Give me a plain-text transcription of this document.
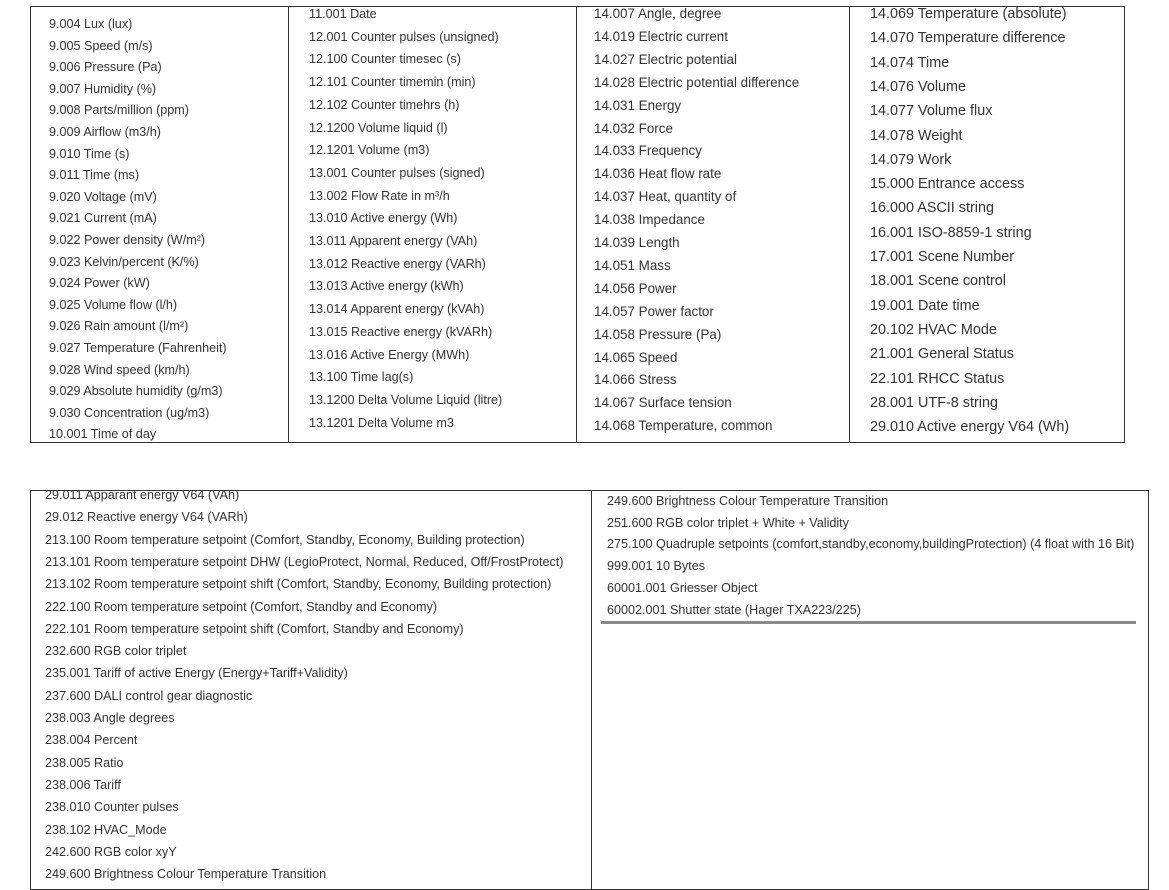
9.004 Lux (lux)
9.005 Speed (m/s)
9.006 Pressure (Pa)
9.007 Humidity (%)
9.008 Parts/million (ppm)
9.009 Airflow (m3/h)
9.010 Time (s)
9.011 Time (ms)
9.020 Voltage (mV)
9.021 Current (mA)
9.022 Power density (W/m²)
9.023 Kelvin/percent (K/%)
9.024 Power (kW)
9.025 Volume flow (l/h)
9.026 Rain amount (l/m²)
9.027 Temperature (Fahrenheit)
9.028 Wind speed (km/h)
9.029 Absolute humidity (g/m3)
9.030 Concentration (ug/m3)
10.001 Time of day
11.001 Date
12.001 Counter pulses (unsigned)
12.100 Counter timesec (s)
12.101 Counter timemin (min)
12.102 Counter timehrs (h)
12.1200 Volume liquid (l)
12.1201 Volume (m3)
13.001 Counter pulses (signed)
13.002 Flow Rate in m³/h
13.010 Active energy (Wh)
13.011 Apparent energy (VAh)
13.012 Reactive energy (VARh)
13.013 Active energy (kWh)
13.014 Apparent energy (kVAh)
13.015 Reactive energy (kVARh)
13.016 Active Energy (MWh)
13.100 Time lag(s)
13.1200 Delta Volume Liquid (litre)
13.1201 Delta Volume m3
14.007 Angle, degree
14.019 Electric current
14.027 Electric potential
14.028 Electric potential difference
14.031 Energy
14.032 Force
14.033 Frequency
14.036 Heat flow rate
14.037 Heat, quantity of
14.038 Impedance
14.039 Length
14.051 Mass
14.056 Power
14.057 Power factor
14.058 Pressure (Pa)
14.065 Speed
14.066 Stress
14.067 Surface tension
14.068 Temperature, common
14.069 Temperature (absolute)
14.070 Temperature difference
14.074 Time
14.076 Volume
14.077 Volume flux
14.078 Weight
14.079 Work
15.000 Entrance access
16.000 ASCII string
16.001 ISO-8859-1 string
17.001 Scene Number
18.001 Scene control
19.001 Date time
20.102 HVAC Mode
21.001 General Status
22.101 RHCC Status
28.001 UTF-8 string
29.010 Active energy V64 (Wh)
29.011 Apparant energy V64 (VAh)
29.012 Reactive energy V64 (VARh)
213.100 Room temperature setpoint (Comfort, Standby, Economy, Building protection)
213.101 Room temperature setpoint DHW (LegioProtect, Normal, Reduced, Off/FrostProtect)
213.102 Room temperature setpoint shift (Comfort, Standby, Economy, Building protection)
222.100 Room temperature setpoint (Comfort, Standby and Economy)
222.101 Room temperature setpoint shift (Comfort, Standby and Economy)
232.600 RGB color triplet
235.001 Tariff of active Energy (Energy+Tariff+Validity)
237.600 DALI control gear diagnostic
238.003 Angle degrees
238.004 Percent
238.005 Ratio
238.006 Tariff
238.010 Counter pulses
238.102 HVAC_Mode
242.600 RGB color xyY
249.600 Brightness Colour Temperature Transition
249.600 Brightness Colour Temperature Transition
251.600 RGB color triplet + White + Validity
275.100 Quadruple setpoints (comfort,standby,economy,buildingProtection) (4 float with 16 Bit)
999.001 10 Bytes
60001.001 Griesser Object
60002.001 Shutter state (Hager TXA223/225)
